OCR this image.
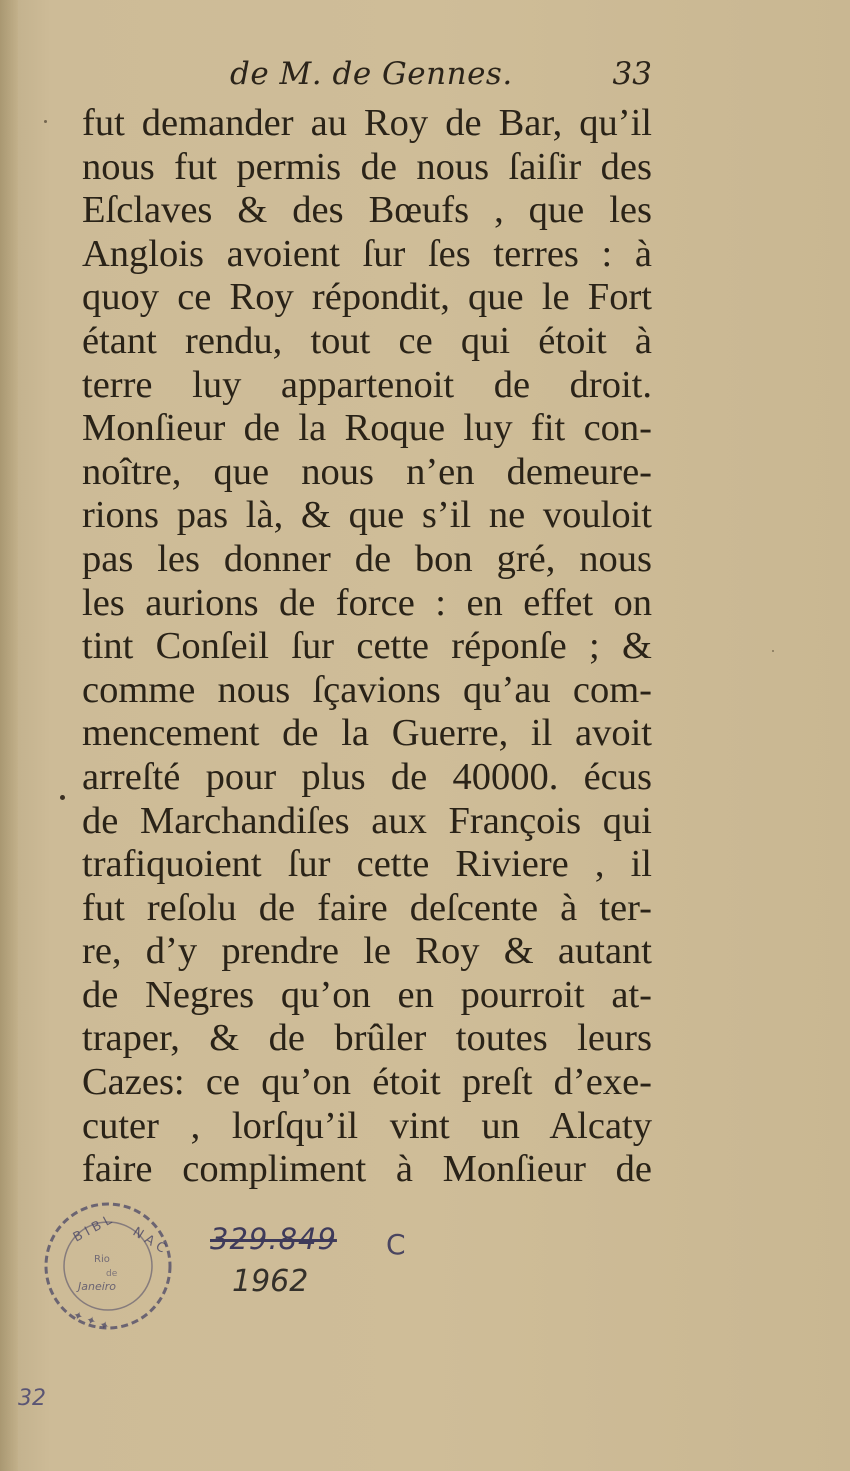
de M. de Gennes.	33
fut demander au Roy de Bar, qu’il
nous fut permis de nous ſaiſir des
Eſclaves & des Bœufs , que les
Anglois avoient ſur ſes terres : à
quoy ce Roy répondit, que le Fort
étant rendu, tout ce qui étoit à
terre luy appartenoit de droit.
Monſieur de la Roque luy fit con-
noître, que nous n’en demeure-
rions pas là, & que s’il ne vouloit
pas les donner de bon gré, nous
les aurions de force : en effet on
tint Conſeil ſur cette réponſe ; &
comme nous ſçavions qu’au com-
mencement de la Guerre, il avoit
arreſté pour plus de 40000. écus
de Marchandiſes aux François qui
trafiquoient ſur cette Riviere , il
fut reſolu de faire deſcente à ter-
re, d’y prendre le Roy & autant
de Negres qu’on en pourroit at-
traper, & de brûler toutes leurs
Cazes: ce qu’on étoit preſt d’exe-
cuter , lorſqu’il vint un Alcaty
faire compliment à Monſieur de
B I B L N A C
Rio
de
Janeiro
✦ ✦ ✦
329.849 C
1962
32
